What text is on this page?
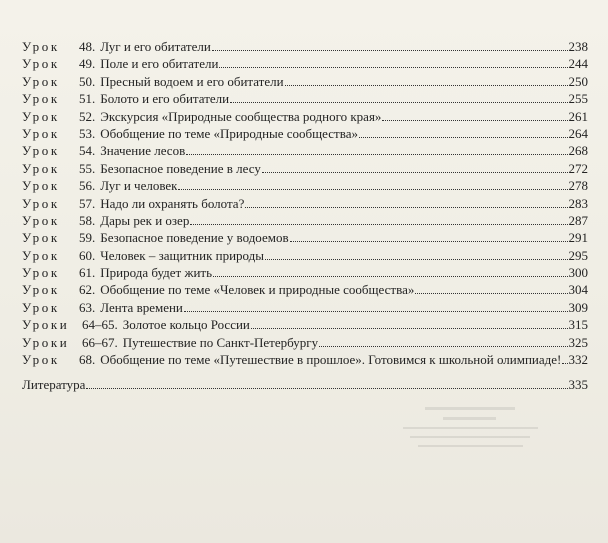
Урок	48. Луг и его обитатели	238
Урок	49. Поле и его обитатели	244
Урок	50. Пресный водоем и его обитатели	250
Урок	51. Болото и его обитатели	255
Урок	52. Экскурсия «Природные сообщества родного края»	261
Урок	53. Обобщение по теме «Природные сообщества»	264
Урок	54. Значение лесов	268
Урок	55. Безопасное поведение в лесу	272
Урок	56. Луг и человек	278
Урок	57. Надо ли охранять болота?	283
Урок	58. Дары рек и озер	287
Урок	59. Безопасное поведение у водоемов	291
Урок	60. Человек – защитник природы	295
Урок	61. Природа будет жить	300
Урок	62. Обобщение по теме «Человек и природные сообщества»	304
Урок	63. Лента времени	309
Уроки 64–65. Золотое кольцо России	315
Уроки 66–67. Путешествие по Санкт-Петербургу	325
Урок	68. Обобщение по теме «Путешествие в прошлое». Готовимся к школьной олимпиаде! 332
Литература	335
